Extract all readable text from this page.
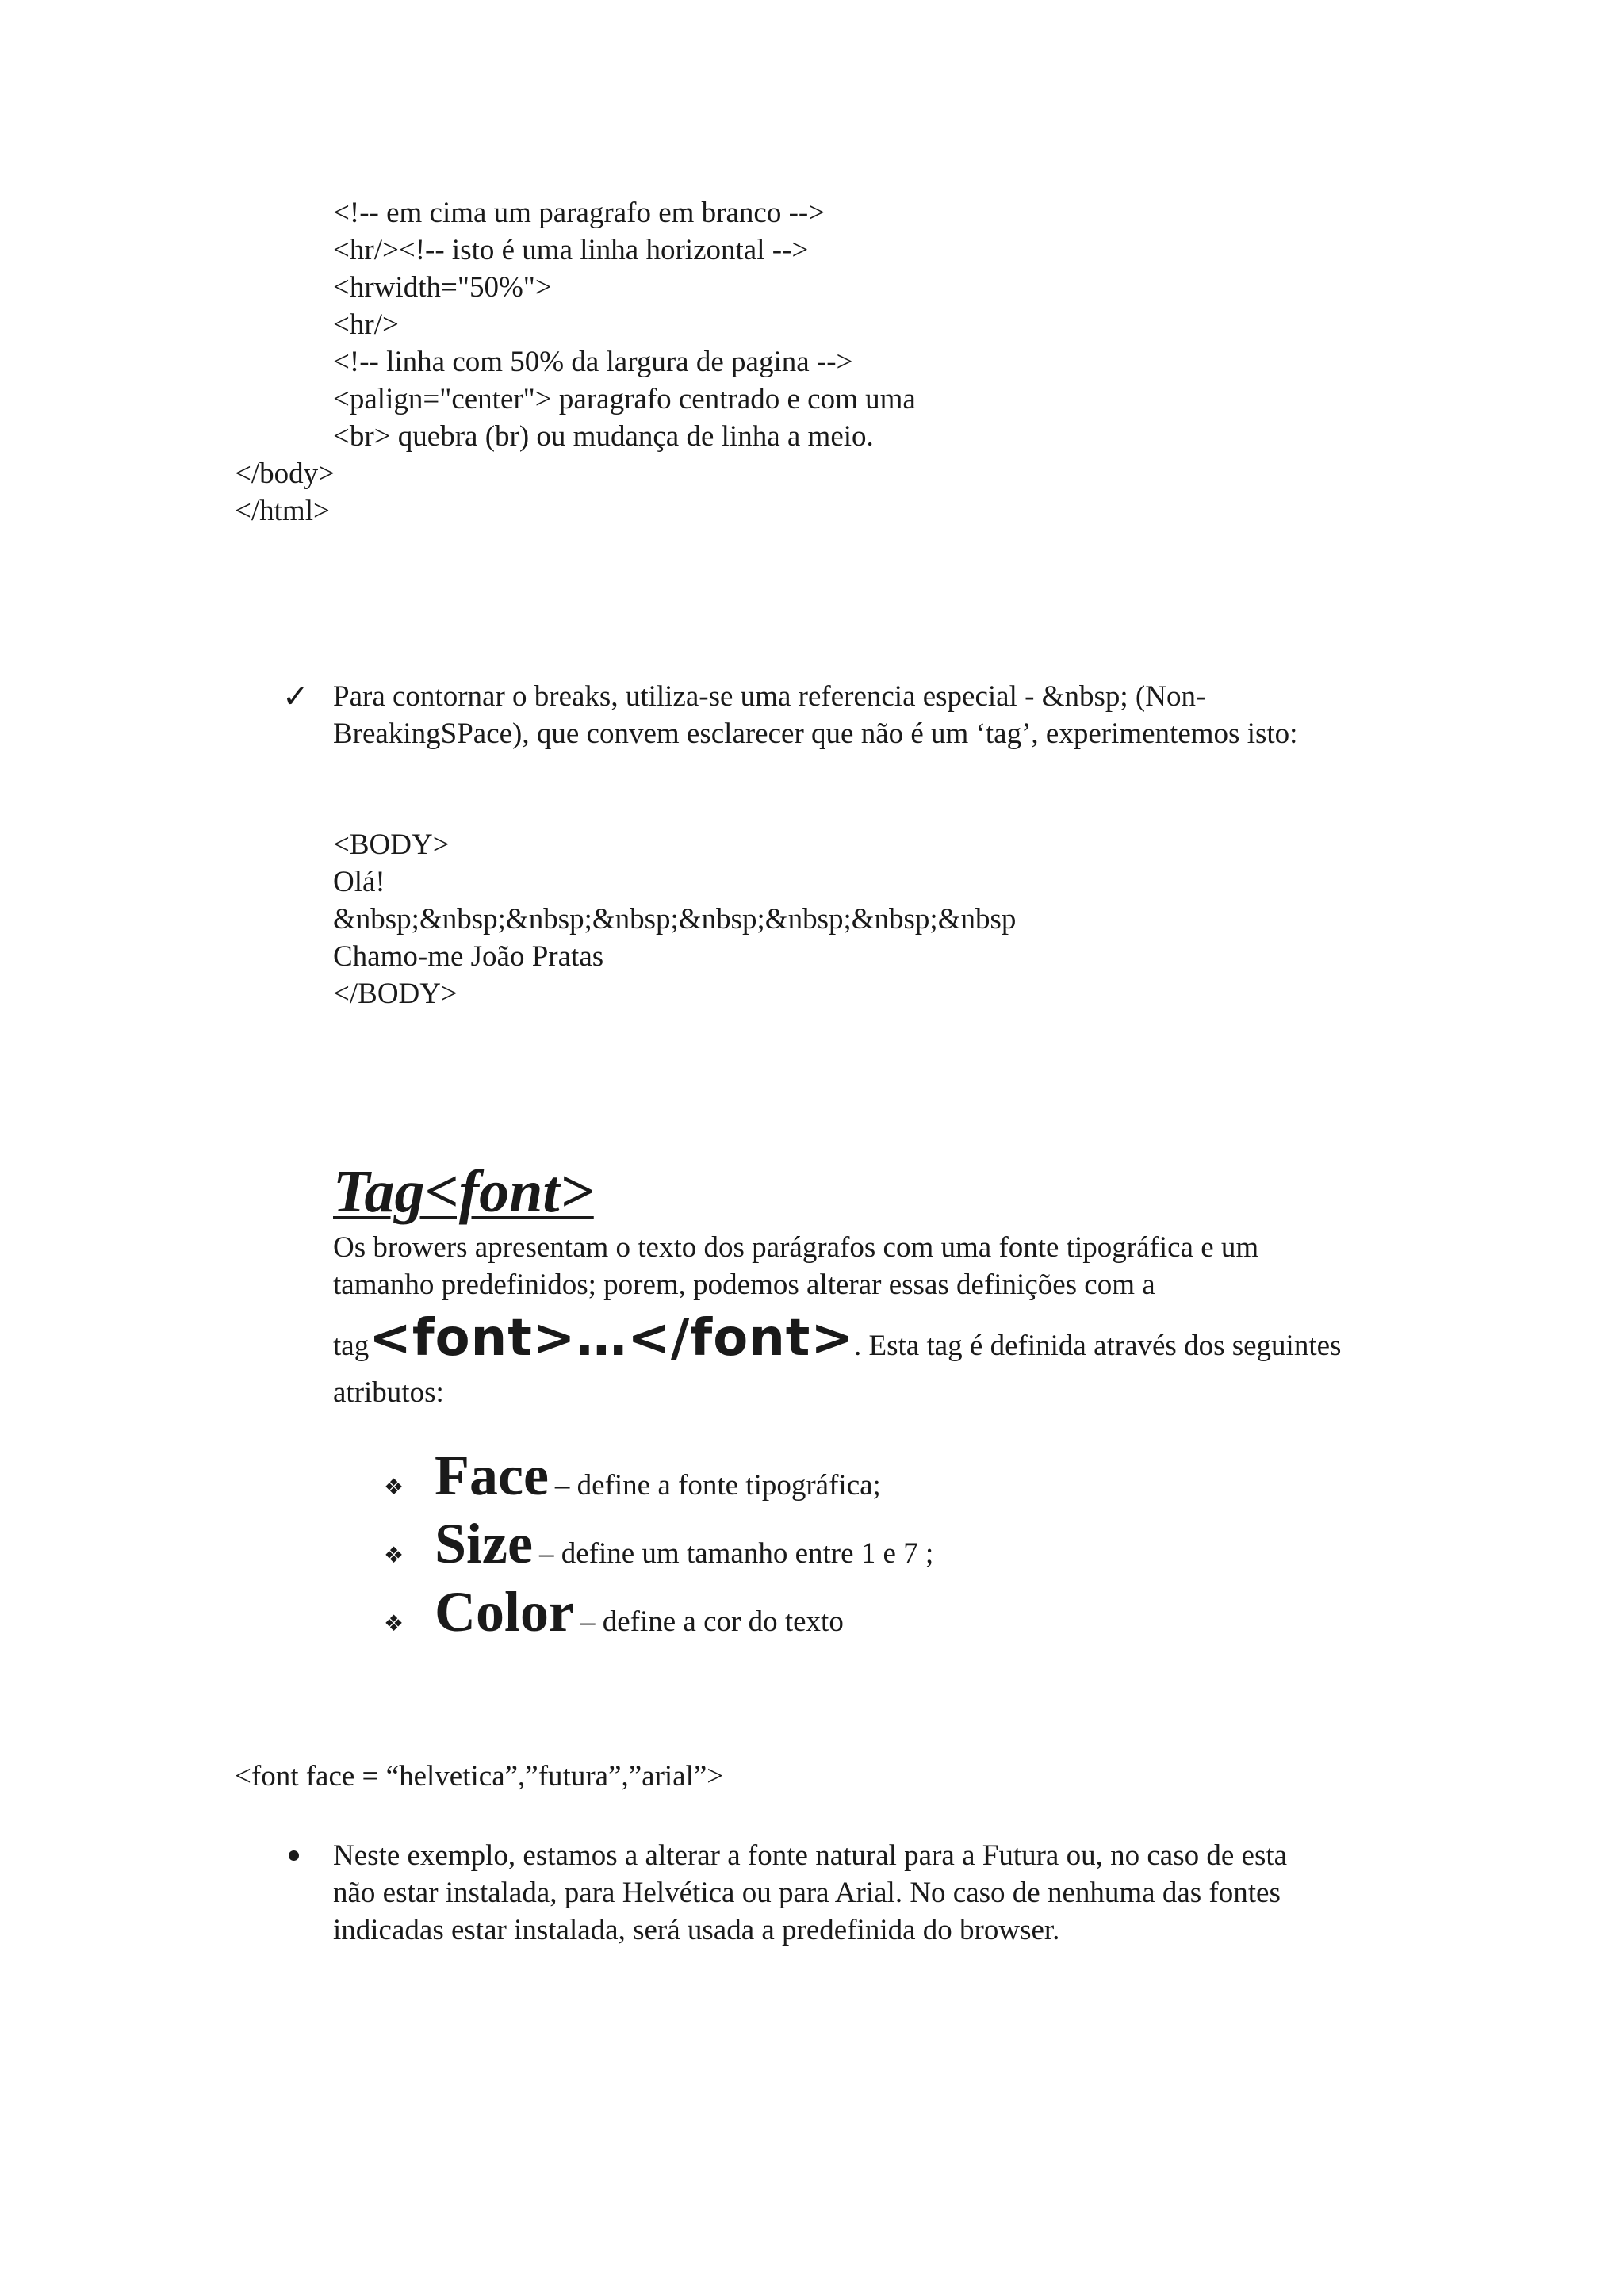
<!-- em cima um paragrafo em branco -->
<hr/><!-- isto é uma linha horizontal -->
<hrwidth="50%">
<hr/>
<!-- linha com 50% da largura de pagina -->
<palign="center"> paragrafo centrado e com uma
<br> quebra (br) ou mudança de linha a meio.
</body>
</html>
✓ Para contornar o breaks, utiliza-se uma referencia especial - &nbsp; (Non-
BreakingSPace), que convem esclarecer que não é um ‘tag’, experimentemos isto:
<BODY>
Olá!
&nbsp;&nbsp;&nbsp;&nbsp;&nbsp;&nbsp;&nbsp;&nbsp
Chamo-me João Pratas
</BODY>
Tag<font>
Os browers apresentam o texto dos parágrafos com uma fonte tipográfica e um
tamanho predefinidos; porem, podemos alterar essas definições com a
tag<font>…</font>. Esta tag é definida através dos seguintes
atributos:
❖ Face – define a fonte tipográfica;
❖ Size – define um tamanho entre 1 e 7 ;
❖ Color – define a cor do texto
<font face = “helvetica”,”futura”,”arial”>
Neste exemplo, estamos a alterar a fonte natural para a Futura ou, no caso de esta
não estar instalada, para Helvética ou para Arial. No caso de nenhuma das fontes
indicadas estar instalada, será usada a predefinida do browser.
